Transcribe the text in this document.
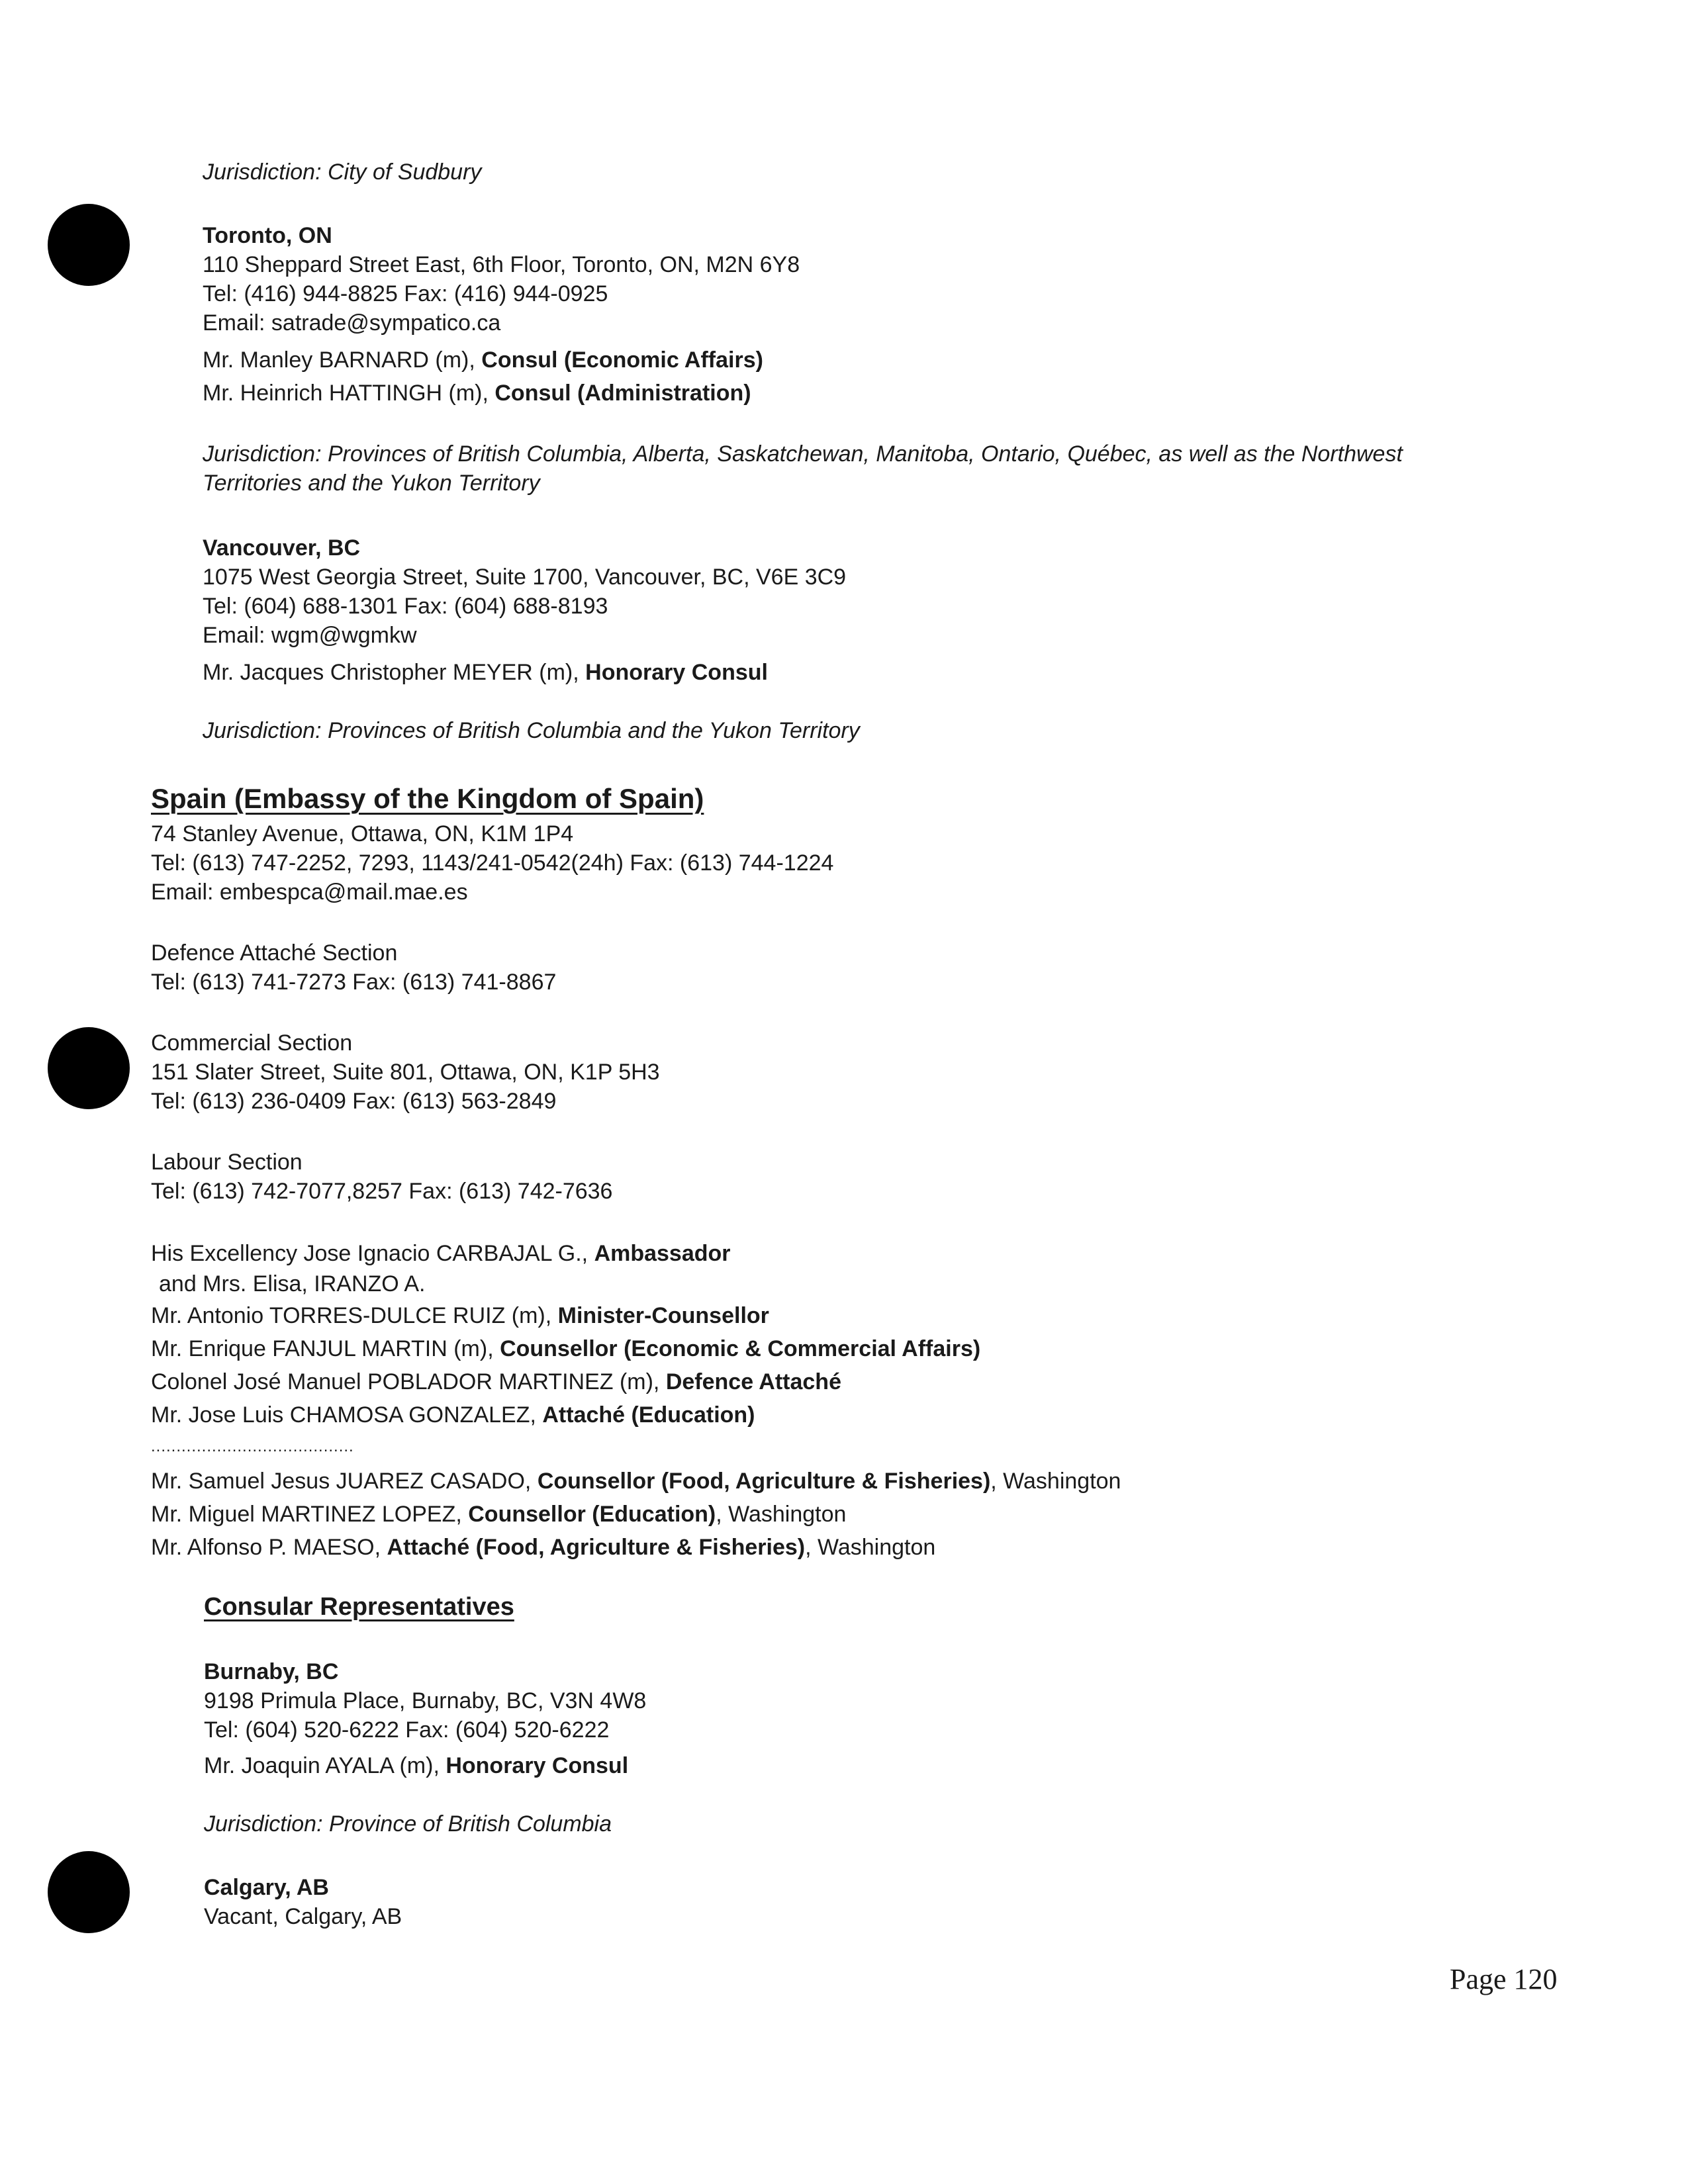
Jurisdiction: City of Sudbury
Toronto, ON
110 Sheppard Street East, 6th Floor, Toronto, ON, M2N 6Y8
Tel: (416) 944-8825 Fax: (416) 944-0925
Email: satrade@sympatico.ca
Mr. Manley BARNARD (m), Consul (Economic Affairs)
Mr. Heinrich HATTINGH (m), Consul (Administration)
Jurisdiction: Provinces of British Columbia, Alberta, Saskatchewan, Manitoba, Ontario, Québec, as well as the Northwest
Territories and the Yukon Territory
Vancouver, BC
1075 West Georgia Street, Suite 1700, Vancouver, BC, V6E 3C9
Tel: (604) 688-1301 Fax: (604) 688-8193
Email: wgm@wgmkw
Mr. Jacques Christopher MEYER (m), Honorary Consul
Jurisdiction: Provinces of British Columbia and the Yukon Territory
Spain (Embassy of the Kingdom of Spain)
74 Stanley Avenue, Ottawa, ON, K1M 1P4
Tel: (613) 747-2252, 7293, 1143/241-0542(24h) Fax: (613) 744-1224
Email: embespca@mail.mae.es
Defence Attaché Section
Tel: (613) 741-7273 Fax: (613) 741-8867
Commercial Section
151 Slater Street, Suite 801, Ottawa, ON, K1P 5H3
Tel: (613) 236-0409 Fax: (613) 563-2849
Labour Section
Tel: (613) 742-7077,8257 Fax: (613) 742-7636
His Excellency Jose Ignacio CARBAJAL G., Ambassador
and Mrs. Elisa, IRANZO A.
Mr. Antonio TORRES-DULCE RUIZ (m), Minister-Counsellor
Mr. Enrique FANJUL MARTIN (m), Counsellor (Economic & Commercial Affairs)
Colonel José Manuel POBLADOR MARTINEZ (m), Defence Attaché
Mr. Jose Luis CHAMOSA GONZALEZ, Attaché (Education)
........................................
Mr. Samuel Jesus JUAREZ CASADO, Counsellor (Food, Agriculture & Fisheries), Washington
Mr. Miguel MARTINEZ LOPEZ, Counsellor (Education), Washington
Mr. Alfonso P. MAESO, Attaché (Food, Agriculture & Fisheries), Washington
Consular Representatives
Burnaby, BC
9198 Primula Place, Burnaby, BC, V3N 4W8
Tel: (604) 520-6222 Fax: (604) 520-6222
Mr. Joaquin AYALA (m), Honorary Consul
Jurisdiction: Province of British Columbia
Calgary, AB
Vacant, Calgary, AB
Page 120
